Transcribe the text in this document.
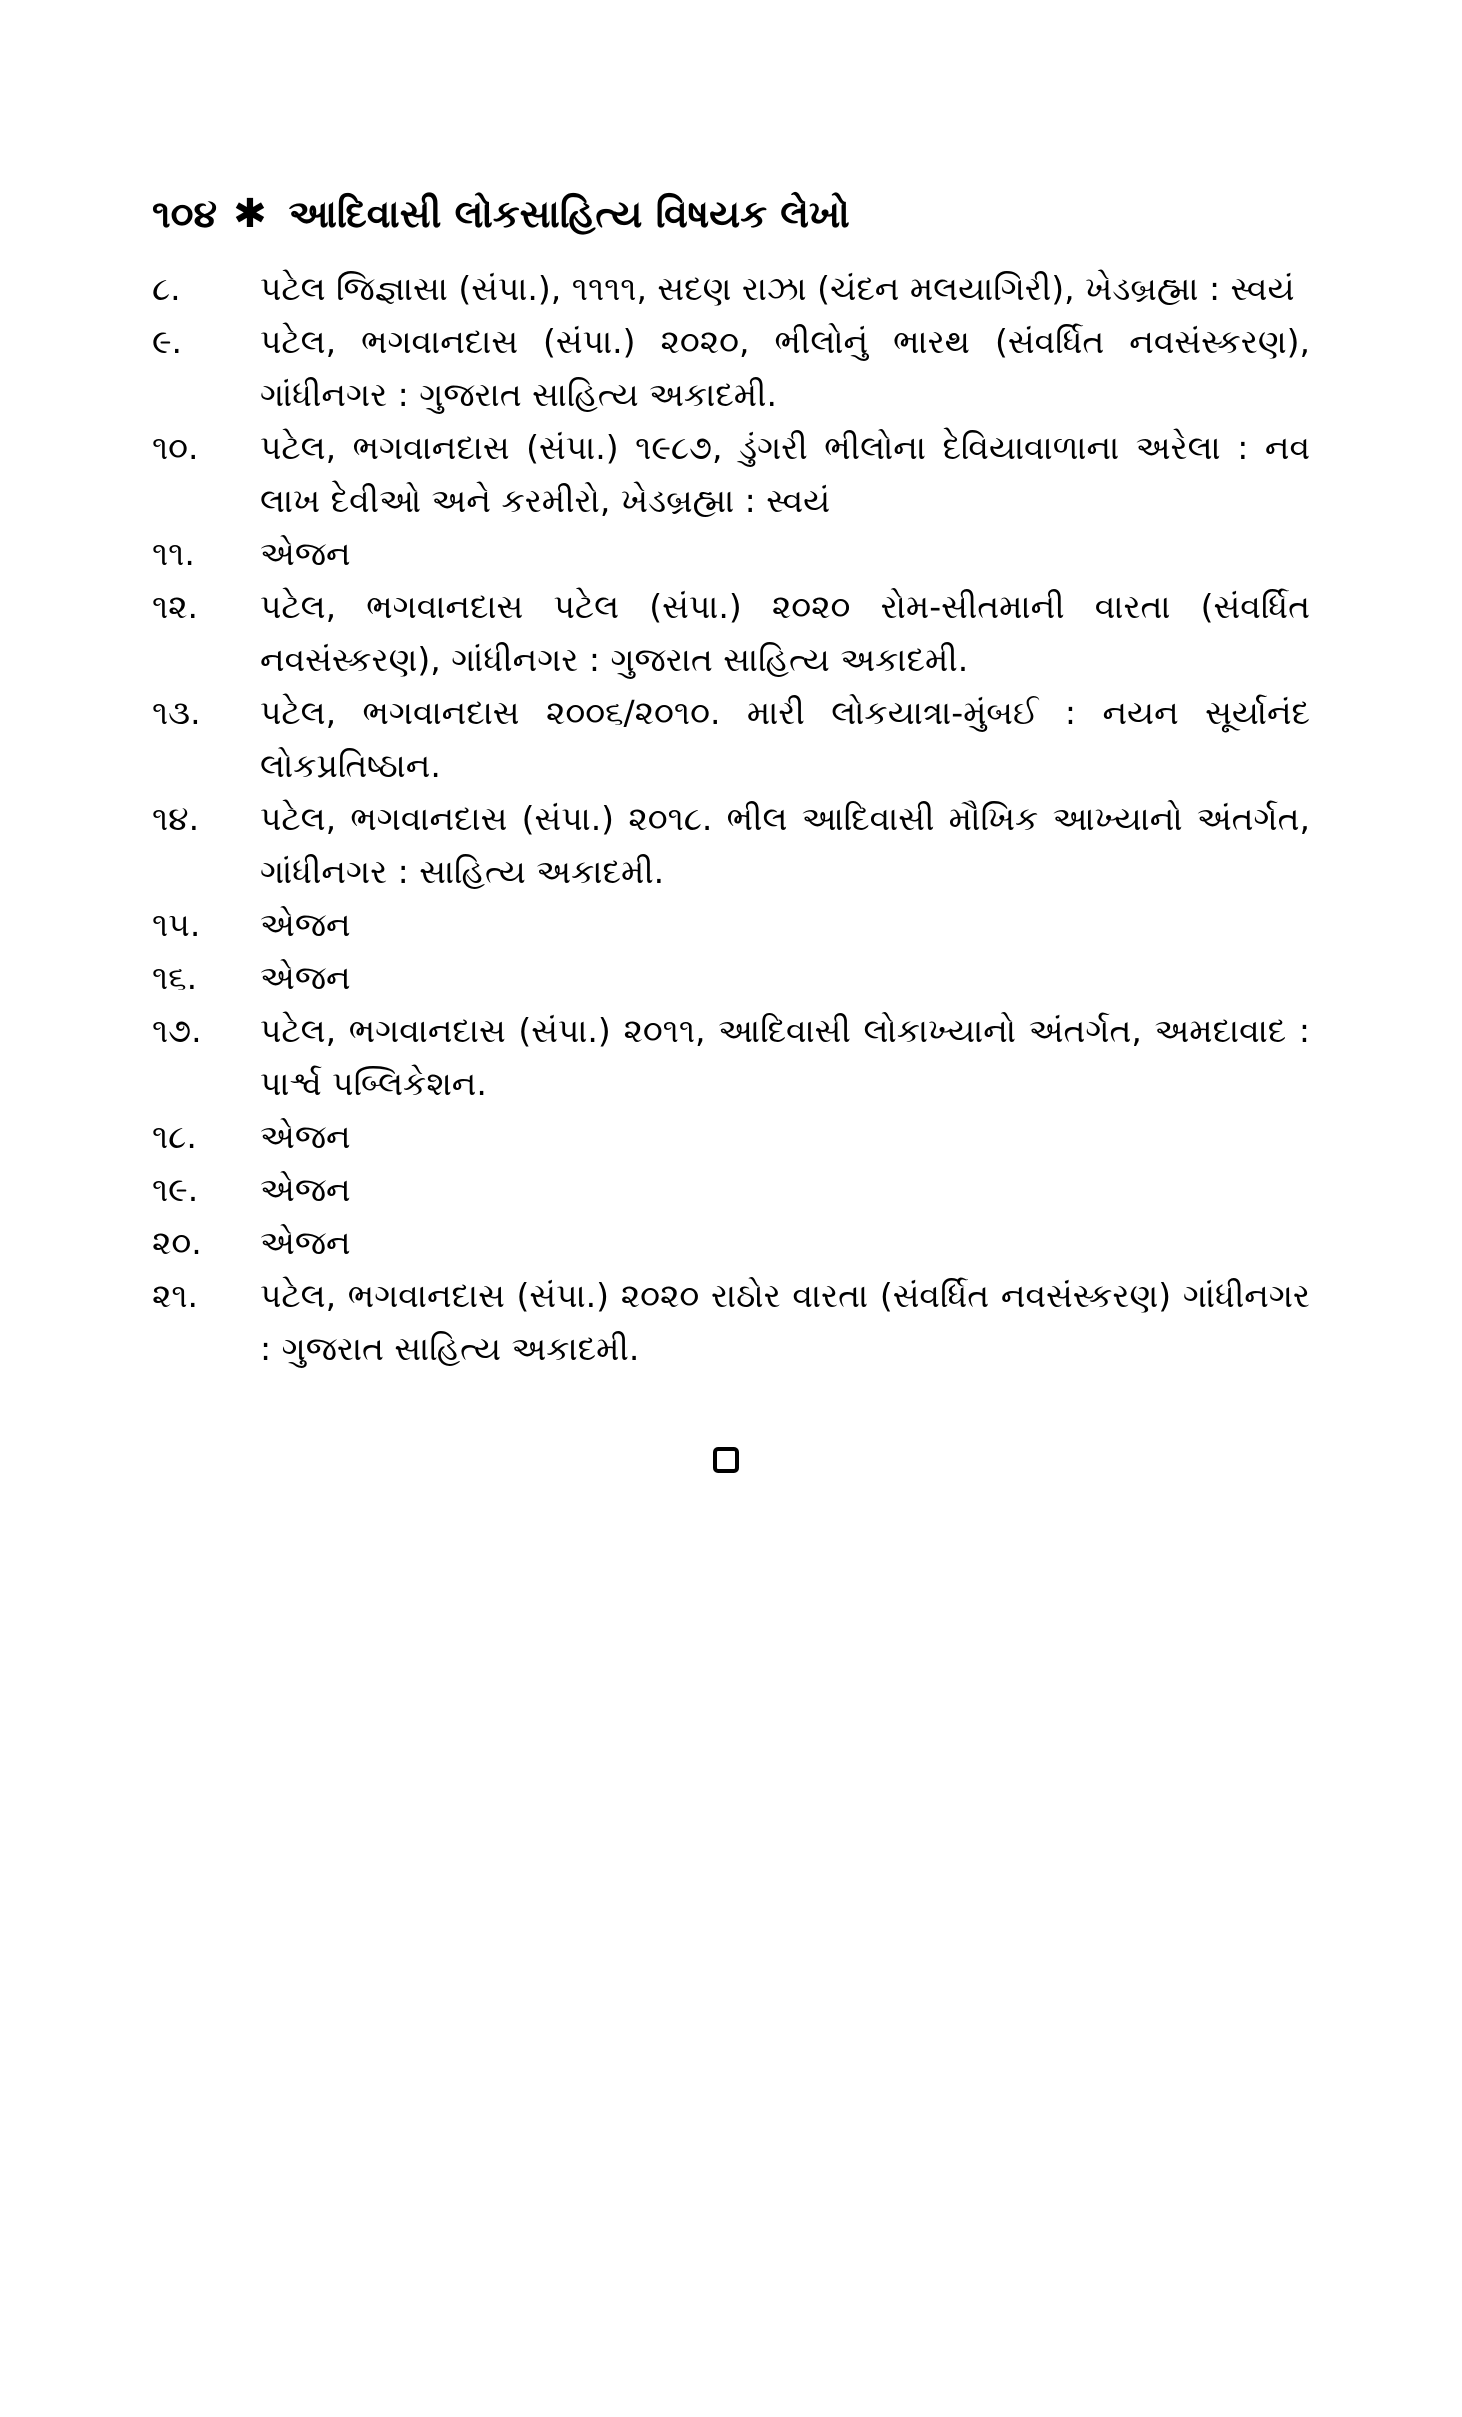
૧૦૪ ✱ આદિવાસી લોકસાહિત્ય વિષયક લેખો
૮.	પટેલ જિજ્ઞાસા (સંપા.), ૧૧૧૧, સદણ રાઝા (ચંદન મલયાગિરી), ખેડબ્રહ્મા : સ્વયં
૯.	પટેલ, ભગવાનદાસ (સંપા.) ૨૦૨૦, ભીલોનું ભારથ (સંવર્ધિત નવસંસ્કરણ), ગાંધીનગર : ગુજરાત સાહિત્ય અકાદમી.
૧૦.	પટેલ, ભગવાનદાસ (સંપા.) ૧૯૮૭, ડુંગરી ભીલોના દેવિયાવાળાના અરેલા : નવ લાખ દેવીઓ અને કરમીરો, ખેડબ્રહ્મા : સ્વયં
૧૧.	એજન
૧૨.	પટેલ, ભગવાનદાસ પટેલ (સંપા.) ૨૦૨૦ રોમ-સીતમાની વારતા (સંવર્ધિત નવસંસ્કરણ), ગાંધીનગર : ગુજરાત સાહિત્ય અકાદમી.
૧૩.	પટેલ, ભગવાનદાસ ૨૦૦૬/૨૦૧૦. મારી લોકયાત્રા-મુંબઈ : નયન સૂર્યાનંદ લોકપ્રતિષ્ઠાન.
૧૪.	પટેલ, ભગવાનદાસ (સંપા.) ૨૦૧૮. ભીલ આદિવાસી મૌખિક આખ્યાનો અંતર્ગત, ગાંધીનગર : સાહિત્ય અકાદમી.
૧૫.	એજન
૧૬.	એજન
૧૭.	પટેલ, ભગવાનદાસ (સંપા.) ૨૦૧૧, આદિવાસી લોકાખ્યાનો અંતર્ગત, અમદાવાદ : પાર્શ્વ પબ્લિકેશન.
૧૮.	એજન
૧૯.	એજન
૨૦.	એજન
૨૧.	પટેલ, ભગવાનદાસ (સંપા.) ૨૦૨૦ રાઠોર વારતા (સંવર્ધિત નવસંસ્કરણ) ગાંધીનગર : ગુજરાત સાહિત્ય અકાદમી.
